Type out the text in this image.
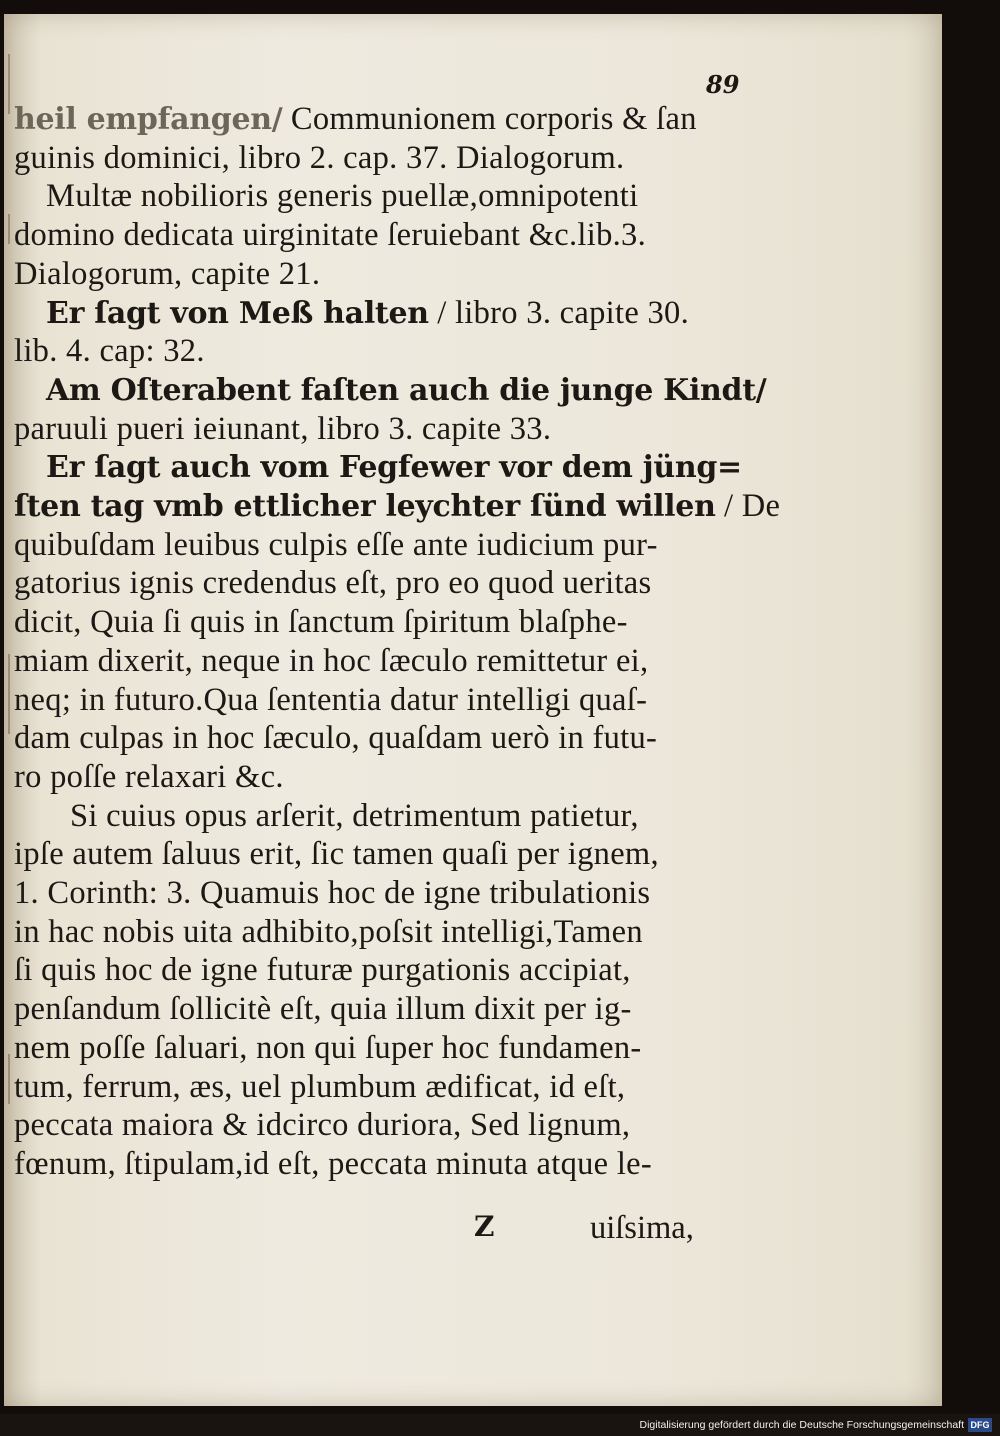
89
heil empfangen/ Communionem corporis & ſan
guinis dominici, libro 2. cap. 37. Dialogorum.
Multæ nobilioris generis puellæ,omnipotenti
domino dedicata uirginitate ſeruiebant &c.lib.3.
Dialogorum, capite 21.
Er ſagt von Meß halten / libro 3. capite 30.
lib. 4. cap: 32.
Am Oſterabent faſten auch die junge Kindt/
paruuli pueri ieiunant, libro 3. capite 33.
Er ſagt auch vom Fegfewer vor dem jüng=
ſten tag vmb ettlicher leychter ſünd willen / De
quibuſdam leuibus culpis eſſe ante iudicium pur-
gatorius ignis credendus eſt, pro eo quod ueritas
dicit, Quia ſi quis in ſanctum ſpiritum blaſphe-
miam dixerit, neque in hoc ſæculo remittetur ei,
neq; in futuro.Qua ſententia datur intelligi quaſ-
dam culpas in hoc ſæculo, quaſdam uerò in futu-
ro poſſe relaxari &c.
Si cuius opus arſerit, detrimentum patietur,
ipſe autem ſaluus erit, ſic tamen quaſi per ignem,
1. Corinth: 3. Quamuis hoc de igne tribulationis
in hac nobis uita adhibito,poſsit intelligi,Tamen
ſi quis hoc de igne futuræ purgationis accipiat,
penſandum ſollicitè eſt, quia illum dixit per ig-
nem poſſe ſaluari, non qui ſuper hoc fundamen-
tum, ferrum, æs, uel plumbum ædificat, id eſt,
peccata maiora & idcirco duriora, Sed lignum,
fœnum, ſtipulam,id eſt, peccata minuta atque le-
Z	uiſsima,
Digitalisierung gefördert durch die Deutsche Forschungsgemeinschaft DFG
